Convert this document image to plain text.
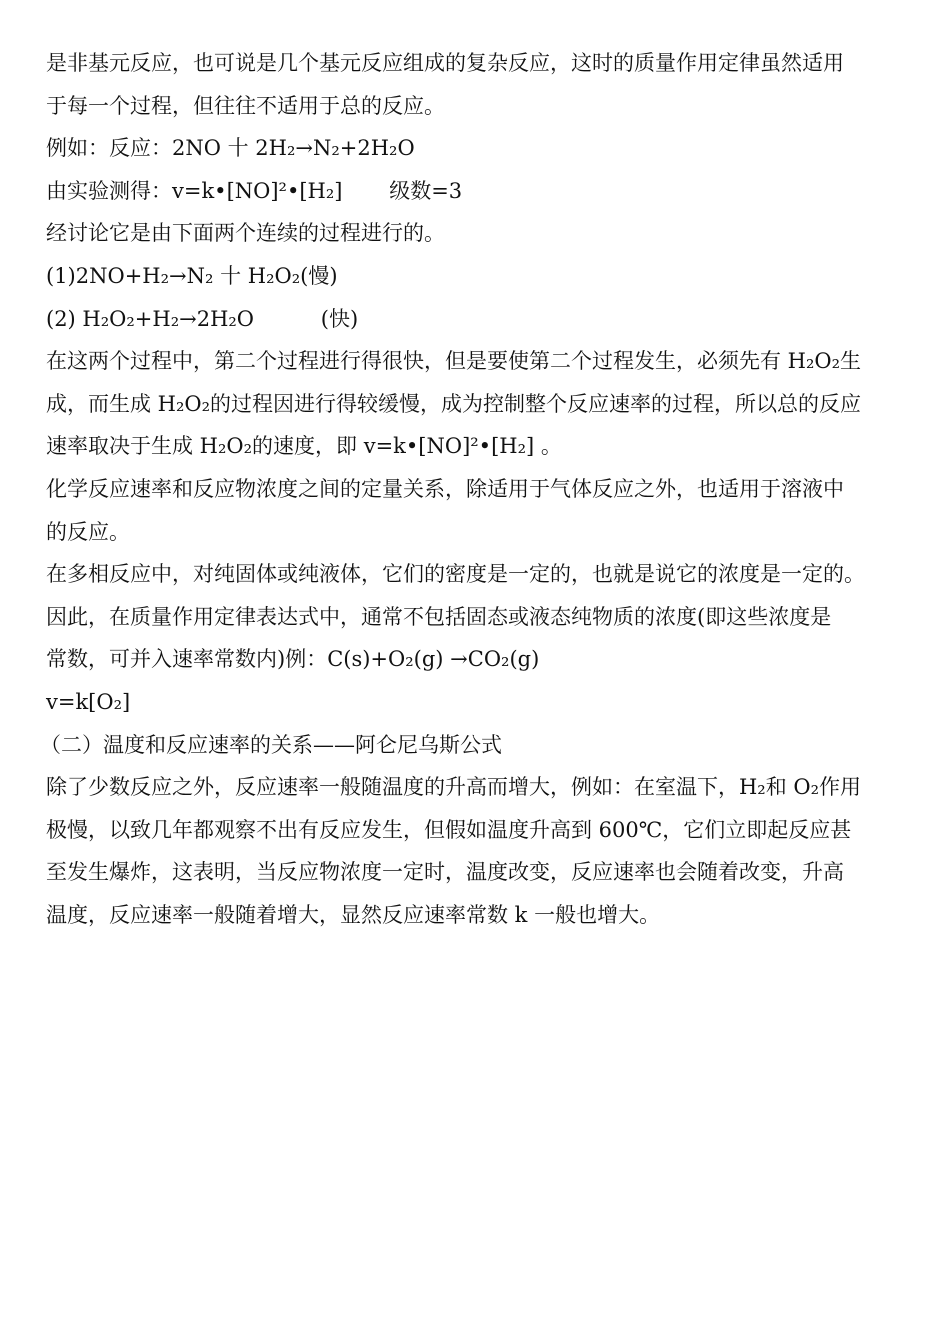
是非基元反应，也可说是几个基元反应组成的复杂反应，这时的质量作用定律虽然适用
于每一个过程，但往往不适用于总的反应。
例如：反应：2NO 十 2H₂→N₂+2H₂O
由实验测得：v=k•[NO]²•[H₂]       级数=3
经讨论它是由下面两个连续的过程进行的。
(1)2NO+H₂→N₂ 十 H₂O₂(慢)
(2) H₂O₂+H₂→2H₂O          (快)
在这两个过程中，第二个过程进行得很快，但是要使第二个过程发生，必须先有 H₂O₂生
成，而生成 H₂O₂的过程因进行得较缓慢，成为控制整个反应速率的过程，所以总的反应
速率取决于生成 H₂O₂的速度，即 v=k•[NO]²•[H₂] 。
化学反应速率和反应物浓度之间的定量关系，除适用于气体反应之外，也适用于溶液中
的反应。
在多相反应中，对纯固体或纯液体，它们的密度是一定的，也就是说它的浓度是一定的。
因此，在质量作用定律表达式中，通常不包括固态或液态纯物质的浓度(即这些浓度是
常数，可并入速率常数内)例：C(s)+O₂(g) →CO₂(g)
v=k[O₂]
（二）温度和反应速率的关系——阿仑尼乌斯公式
除了少数反应之外，反应速率一般随温度的升高而增大，例如：在室温下，H₂和 O₂作用
极慢，以致几年都观察不出有反应发生，但假如温度升高到 600℃，它们立即起反应甚
至发生爆炸，这表明，当反应物浓度一定时，温度改变，反应速率也会随着改变，升高
温度，反应速率一般随着增大，显然反应速率常数 k 一般也增大。
